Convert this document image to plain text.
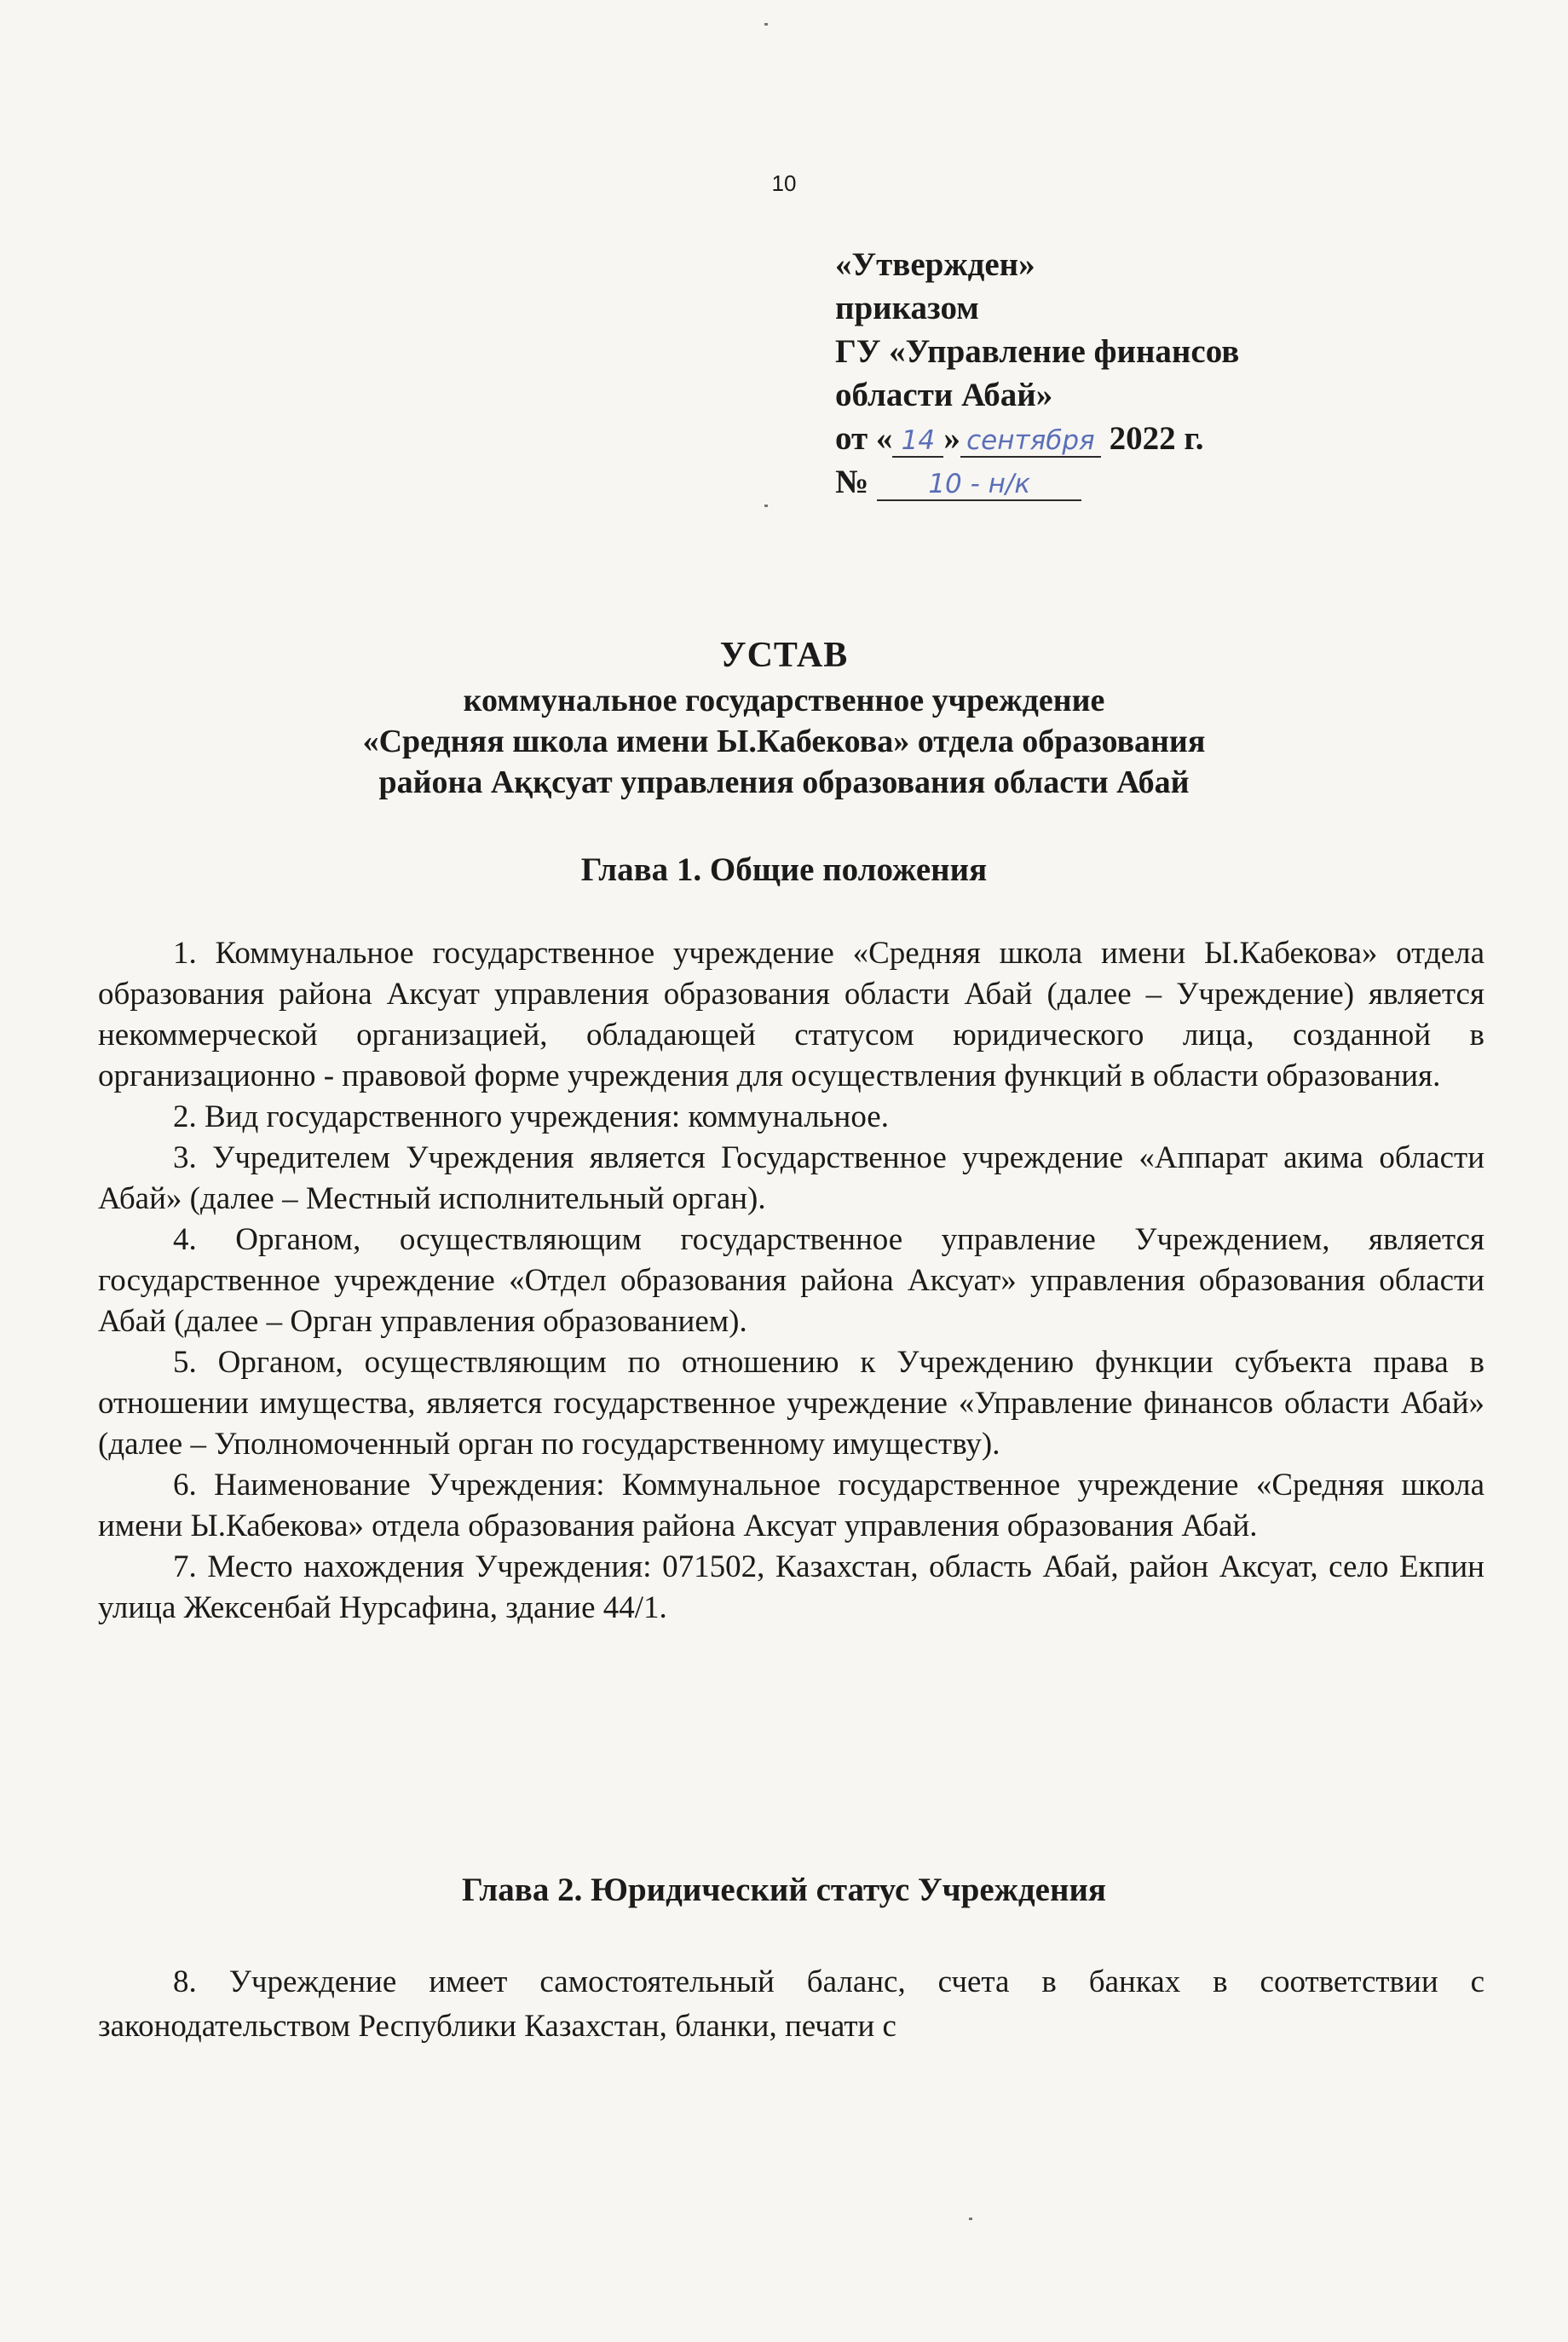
10
«Утвержден»
приказом
ГУ «Управление финансов
области Абай»
от « 14 » сентября 2022 г.
№ 10 - н/к
УСТАВ
коммунальное государственное учреждение
«Средняя школа имени Ы.Кабекова» отдела образования
района Аққсуат управления образования области Абай
Глава 1. Общие положения

1. Коммунальное государственное учреждение «Средняя школа имени Ы.Кабекова» отдела образования района Аксуат управления образования области Абай (далее – Учреждение) является некоммерческой организацией, обладающей статусом юридического лица, созданной в организационно - правовой форме учреждения для осуществления функций в области образования.

2. Вид государственного учреждения: коммунальное.

3. Учредителем Учреждения является Государственное учреждение «Аппарат акима области Абай» (далее – Местный исполнительный орган).

4. Органом, осуществляющим государственное управление Учреждением, является государственное учреждение «Отдел образования района Аксуат» управления образования области Абай (далее – Орган управления образованием).

5. Органом, осуществляющим по отношению к Учреждению функции субъекта права в отношении имущества, является государственное учреждение «Управление финансов области Абай» (далее – Уполномоченный орган по государственному имуществу).

6. Наименование Учреждения: Коммунальное государственное учреждение «Средняя школа имени Ы.Кабекова» отдела образования района Аксуат управления образования Абай.

7. Место нахождения Учреждения: 071502, Казахстан, область Абай, район Аксуат, село Екпин улица Жексенбай Нурсафина, здание 44/1.

Глава 2. Юридический статус Учреждения

8. Учреждение имеет самостоятельный баланс, счета в банках в соответствии с законодательством Республики Казахстан, бланки, печати с
